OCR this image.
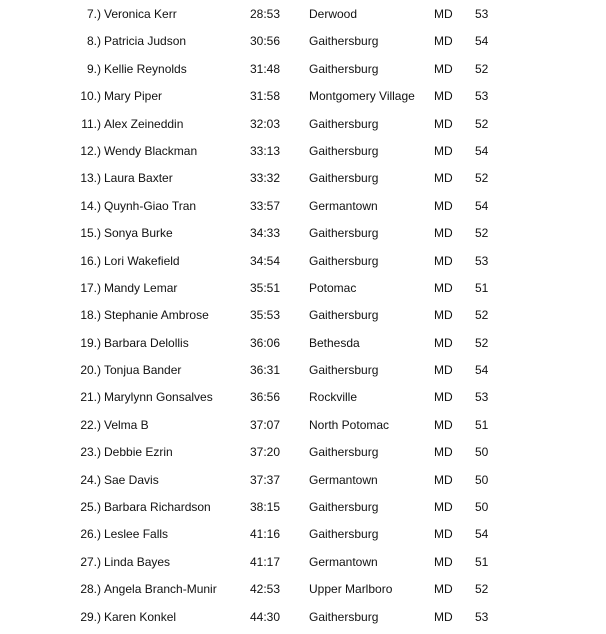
7.) Veronica Kerr	28:53 Derwood	MD 53
8.) Patricia Judson	30:56 Gaithersburg	MD 54
9.) Kellie Reynolds	31:48 Gaithersburg	MD 52
10.) Mary Piper	31:58 Montgomery Village MD 53
11.) Alex Zeineddin	32:03 Gaithersburg	MD 52
12.) Wendy Blackman	33:13 Gaithersburg	MD 54
13.) Laura Baxter	33:32 Gaithersburg	MD 52
14.) Quynh-Giao Tran	33:57 Germantown	MD 54
15.) Sonya Burke	34:33 Gaithersburg	MD 52
16.) Lori Wakefield	34:54 Gaithersburg	MD 53
17.) Mandy Lemar	35:51 Potomac	MD 51
18.) Stephanie Ambrose	35:53 Gaithersburg	MD 52
19.) Barbara Delollis	36:06 Bethesda	MD 52
20.) Tonjua Bander	36:31 Gaithersburg	MD 54
21.) Marylynn Gonsalves	36:56 Rockville	MD 53
22.) Velma B	37:07 North Potomac	MD 51
23.) Debbie Ezrin	37:20 Gaithersburg	MD 50
24.) Sae Davis	37:37 Germantown	MD 50
25.) Barbara Richardson	38:15 Gaithersburg	MD 50
26.) Leslee Falls	41:16 Gaithersburg	MD 54
27.) Linda Bayes	41:17 Germantown	MD 51
28.) Angela Branch-Munir	42:53 Upper Marlboro	MD 52
29.) Karen Konkel	44:30 Gaithersburg	MD 53
